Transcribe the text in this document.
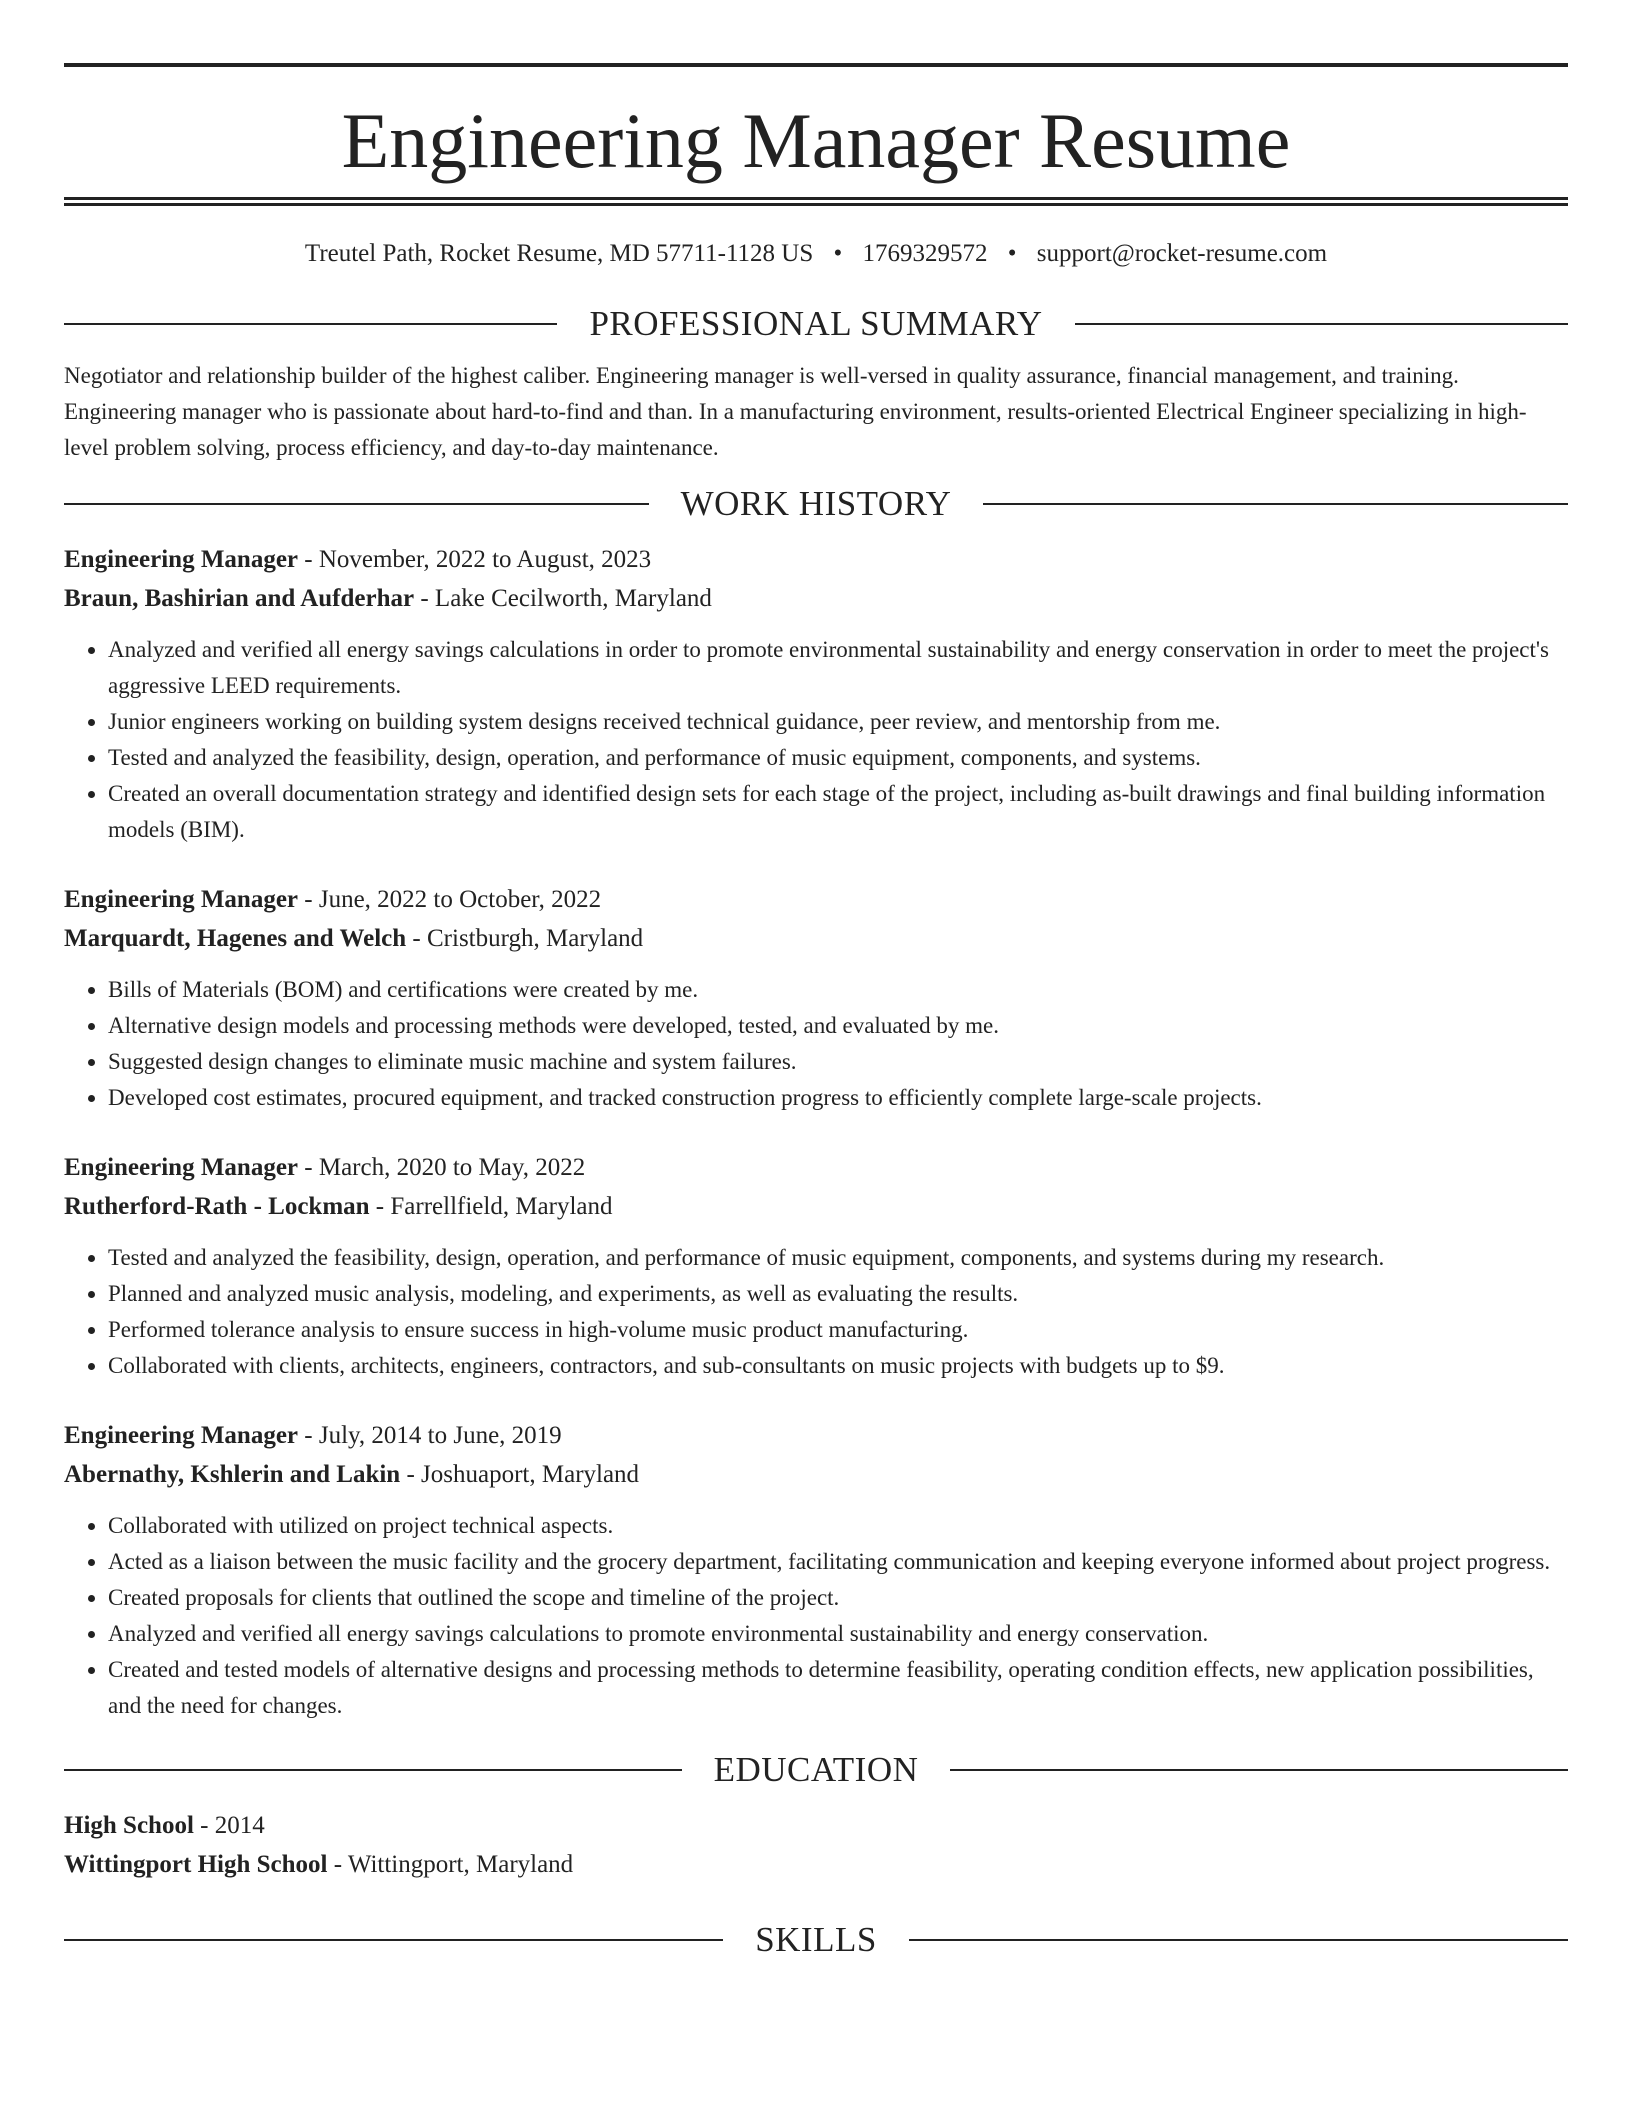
Engineering Manager Resume
Treutel Path, Rocket Resume, MD 57711-1128 US • 1769329572 • support@rocket-resume.com
PROFESSIONAL SUMMARY

Negotiator and relationship builder of the highest caliber. Engineering manager is well-versed in quality assurance, financial management, and training. Engineering manager who is passionate about hard-to-find and than. In a manufacturing environment, results-oriented Electrical Engineer specializing in high-level problem solving, process efficiency, and day-to-day maintenance.

WORK HISTORY

Engineering Manager - November, 2022 to August, 2023

Braun, Bashirian and Aufderhar - Lake Cecilworth, Maryland

• Analyzed and verified all energy savings calculations in order to promote environmental sustainability and energy conservation in order to meet the project's aggressive LEED requirements.
• Junior engineers working on building system designs received technical guidance, peer review, and mentorship from me.
• Tested and analyzed the feasibility, design, operation, and performance of music equipment, components, and systems.
• Created an overall documentation strategy and identified design sets for each stage of the project, including as-built drawings and final building information models (BIM).

Engineering Manager - June, 2022 to October, 2022

Marquardt, Hagenes and Welch - Cristburgh, Maryland

• Bills of Materials (BOM) and certifications were created by me.
• Alternative design models and processing methods were developed, tested, and evaluated by me.
• Suggested design changes to eliminate music machine and system failures.
• Developed cost estimates, procured equipment, and tracked construction progress to efficiently complete large-scale projects.

Engineering Manager - March, 2020 to May, 2022

Rutherford-Rath - Lockman - Farrellfield, Maryland

• Tested and analyzed the feasibility, design, operation, and performance of music equipment, components, and systems during my research.
• Planned and analyzed music analysis, modeling, and experiments, as well as evaluating the results.
• Performed tolerance analysis to ensure success in high-volume music product manufacturing.
• Collaborated with clients, architects, engineers, contractors, and sub-consultants on music projects with budgets up to $9.

Engineering Manager - July, 2014 to June, 2019

Abernathy, Kshlerin and Lakin - Joshuaport, Maryland

• Collaborated with utilized on project technical aspects.
• Acted as a liaison between the music facility and the grocery department, facilitating communication and keeping everyone informed about project progress.
• Created proposals for clients that outlined the scope and timeline of the project.
• Analyzed and verified all energy savings calculations to promote environmental sustainability and energy conservation.
• Created and tested models of alternative designs and processing methods to determine feasibility, operating condition effects, new application possibilities, and the need for changes.
EDUCATION

High School - 2014

Wittingport High School - Wittingport, Maryland

SKILLS
